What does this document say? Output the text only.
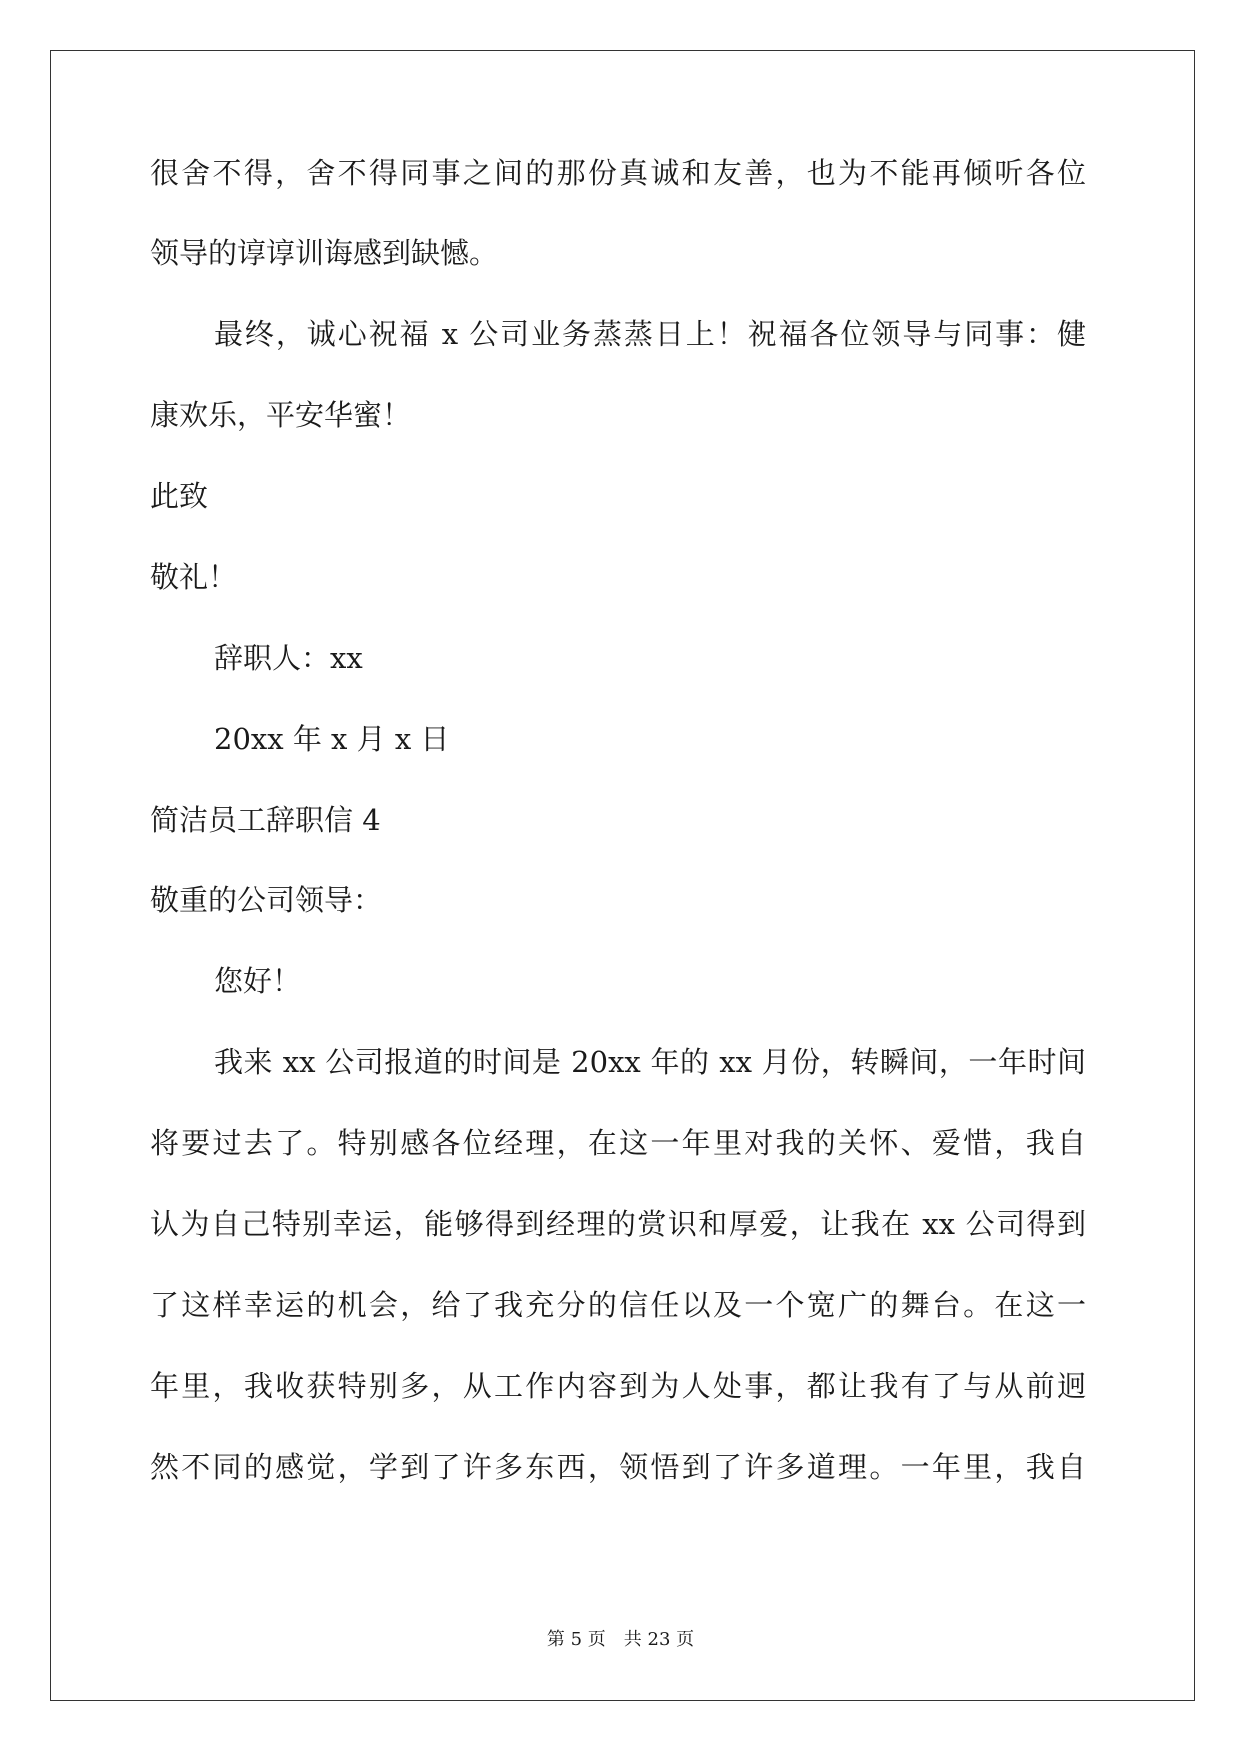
很舍不得，舍不得同事之间的那份真诚和友善，也为不能再倾听各位
领导的谆谆训诲感到缺憾。
最终，诚心祝福 x 公司业务蒸蒸日上！祝福各位领导与同事：健
康欢乐，平安华蜜！
此致
敬礼！
辞职人：xx
20xx 年 x 月 x 日
简洁员工辞职信 4
敬重的公司领导：
您好！
我来 xx 公司报道的时间是 20xx 年的 xx 月份，转瞬间，一年时间
将要过去了。特别感各位经理，在这一年里对我的关怀、爱惜，我自
认为自己特别幸运，能够得到经理的赏识和厚爱，让我在 xx 公司得到
了这样幸运的机会，给了我充分的信任以及一个宽广的舞台。在这一
年里，我收获特别多，从工作内容到为人处事，都让我有了与从前迥
然不同的感觉，学到了许多东西，领悟到了许多道理。一年里，我自
第 5 页 共 23 页
